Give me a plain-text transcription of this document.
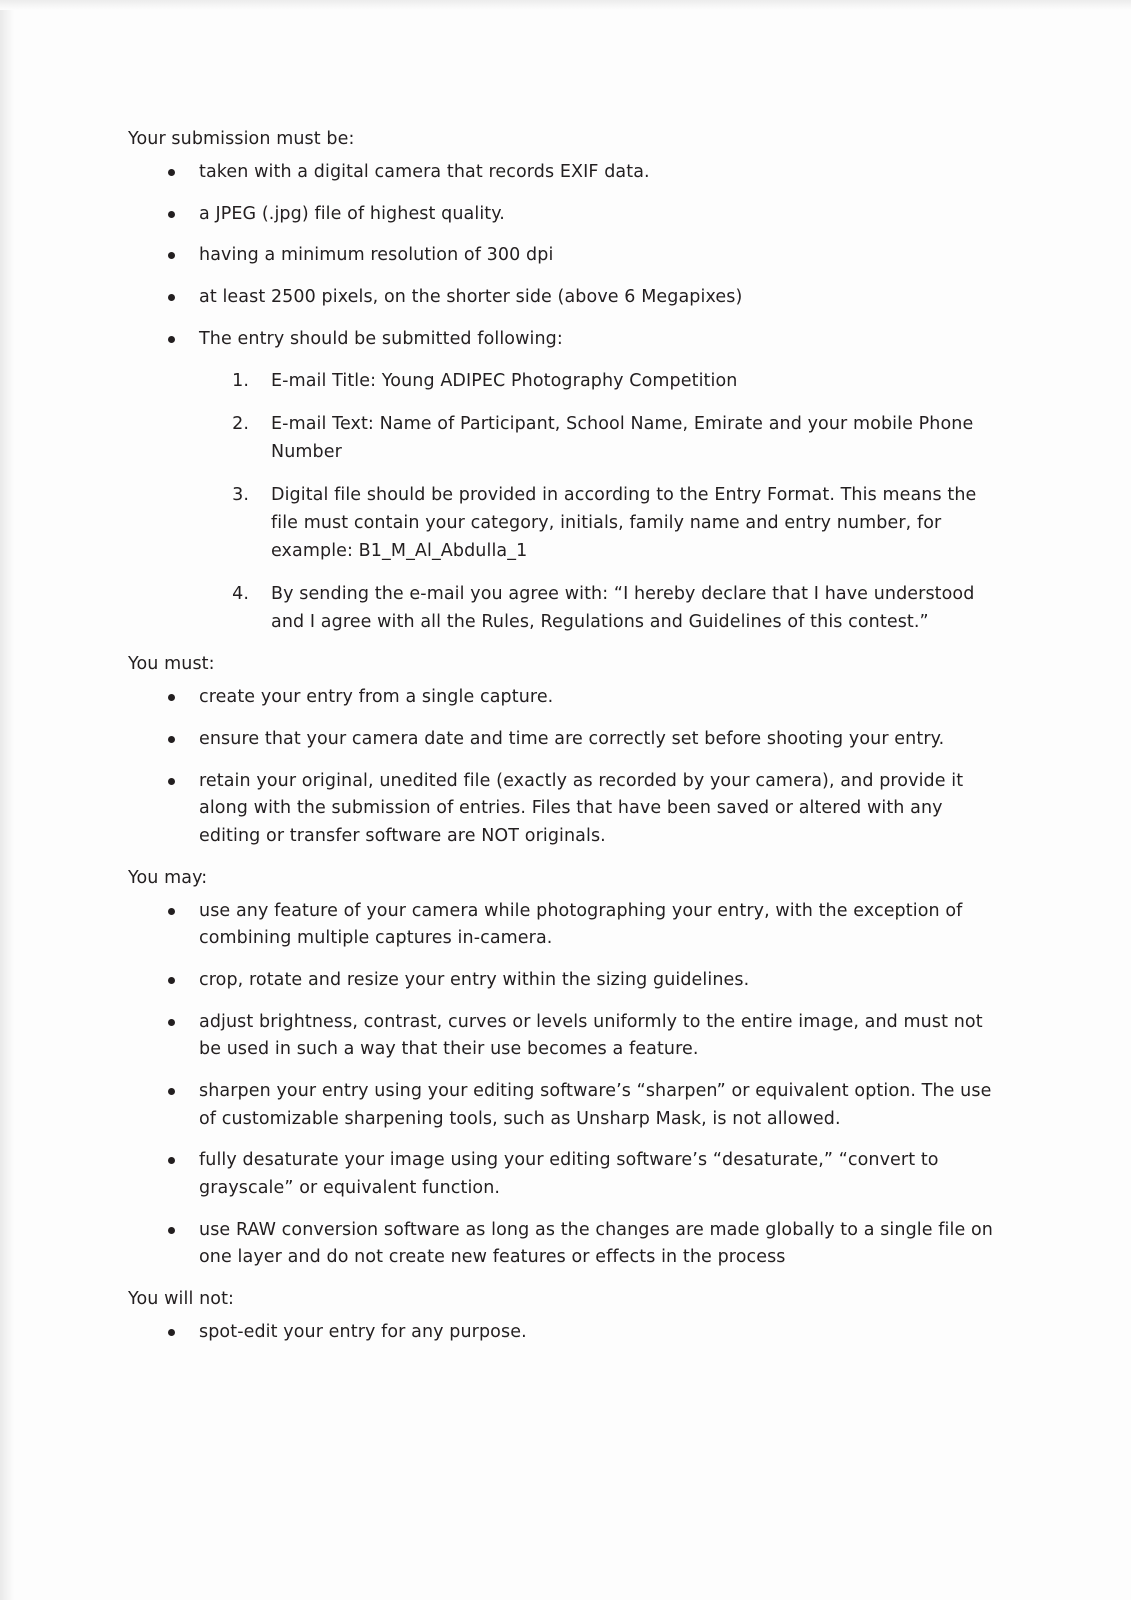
Your submission must be:

taken with a digital camera that records EXIF data.
a JPEG (.jpg) file of highest quality.
having a minimum resolution of 300 dpi
at least 2500 pixels, on the shorter side (above 6 Megapixes)
The entry should be submitted following:
1. E-mail Title: Young ADIPEC Photography Competition
2. E-mail Text: Name of Participant, School Name, Emirate and your mobile Phone Number
3. Digital file should be provided in according to the Entry Format. This means the file must contain your category, initials, family name and entry number, for example: B1_M_Al_Abdulla_1
4. By sending the e-mail you agree with: “I hereby declare that I have understood and I agree with all the Rules, Regulations and Guidelines of this contest.”

You must:

create your entry from a single capture.
ensure that your camera date and time are correctly set before shooting your entry.
retain your original, unedited file (exactly as recorded by your camera), and provide it along with the submission of entries. Files that have been saved or altered with any editing or transfer software are NOT originals.

You may:

use any feature of your camera while photographing your entry, with the exception of combining multiple captures in-camera.
crop, rotate and resize your entry within the sizing guidelines.
adjust brightness, contrast, curves or levels uniformly to the entire image, and must not be used in such a way that their use becomes a feature.
sharpen your entry using your editing software’s “sharpen” or equivalent option. The use of customizable sharpening tools, such as Unsharp Mask, is not allowed.
fully desaturate your image using your editing software’s “desaturate,” “convert to grayscale” or equivalent function.
use RAW conversion software as long as the changes are made globally to a single file on one layer and do not create new features or effects in the process

You will not:

spot-edit your entry for any purpose.
